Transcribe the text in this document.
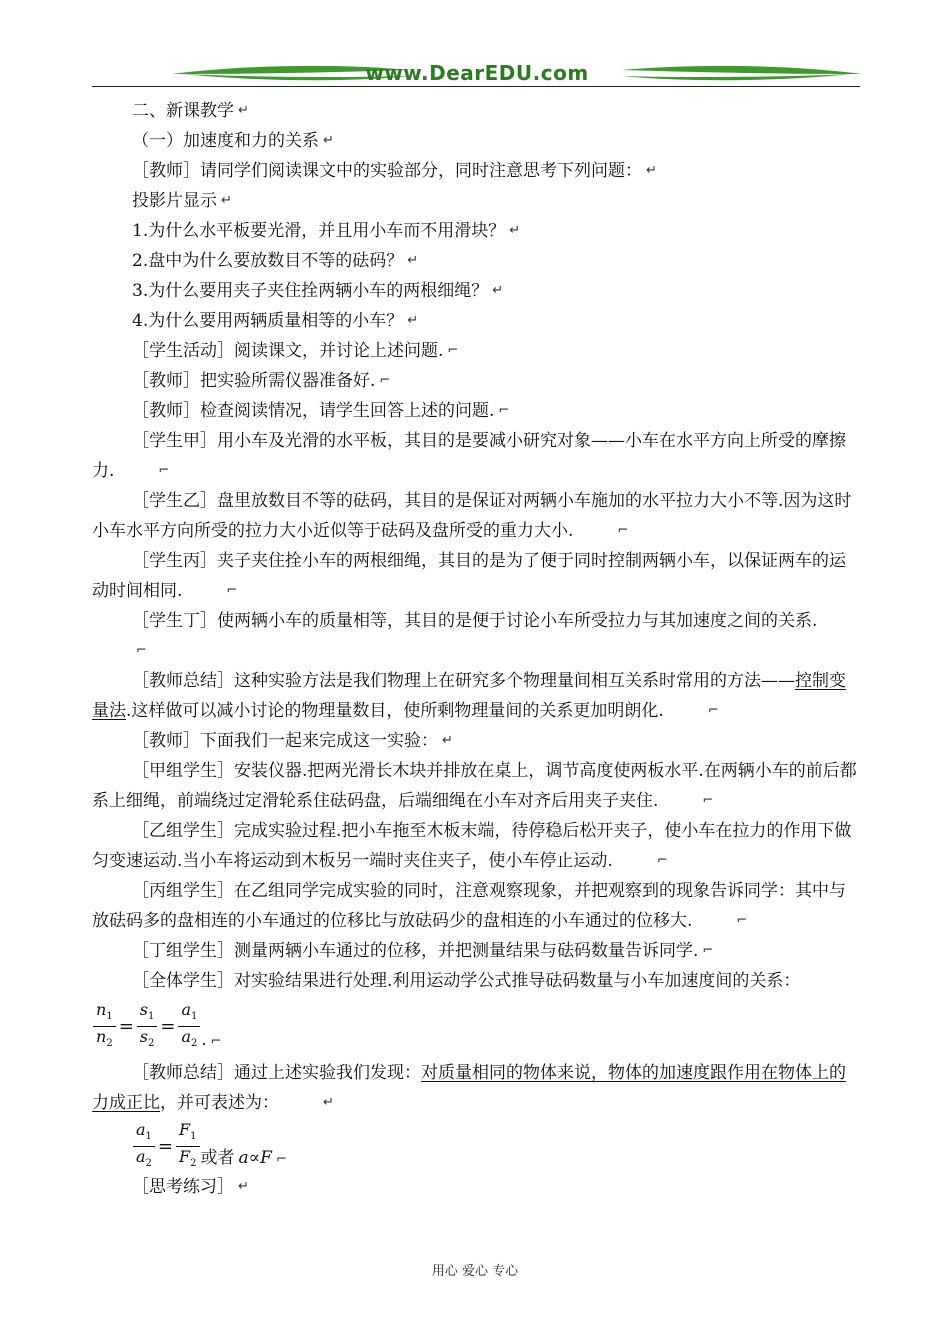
www.DearEDU.com

二、新课教学 ↵

（一）加速度和力的关系 ↵

［教师］请同学们阅读课文中的实验部分，同时注意思考下列问题： ↵

投影片显示 ↵

1.为什么水平板要光滑，并且用小车而不用滑块？ ↵

2.盘中为什么要放数目不等的砝码？ ↵

3.为什么要用夹子夹住拴两辆小车的两根细绳？ ↵

4.为什么要用两辆质量相等的小车？ ↵

［学生活动］阅读课文，并讨论上述问题. ⌐

［教师］把实验所需仪器准备好. ⌐

［教师］检查阅读情况，请学生回答上述的问题. ⌐

［学生甲］用小车及光滑的水平板，其目的是要减小研究对象——小车在水平方向上所受的摩擦力.	⌐

［学生乙］盘里放数目不等的砝码，其目的是保证对两辆小车施加的水平拉力大小不等.因为这时小车水平方向所受的拉力大小近似等于砝码及盘所受的重力大小.	⌐

［学生丙］夹子夹住拴小车的两根细绳，其目的是为了便于同时控制两辆小车，以保证两车的运动时间相同.	⌐

［学生丁］使两辆小车的质量相等，其目的是便于讨论小车所受拉力与其加速度之间的关系.⌐

［教师总结］这种实验方法是我们物理上在研究多个物理量间相互关系时常用的方法——控制变量法.这样做可以减小讨论的物理量数目，使所剩物理量间的关系更加明朗化.	⌐

［教师］下面我们一起来完成这一实验： ↵

［甲组学生］安装仪器.把两光滑长木块并排放在桌上，调节高度使两板水平.在两辆小车的前后都系上细绳，前端绕过定滑轮系住砝码盘，后端细绳在小车对齐后用夹子夹住.	⌐

［乙组学生］完成实验过程.把小车拖至木板末端，待停稳后松开夹子，使小车在拉力的作用下做匀变速运动.当小车将运动到木板另一端时夹住夹子，使小车停止运动.	⌐

［丙组学生］在乙组同学完成实验的同时，注意观察现象，并把观察到的现象告诉同学：其中与放砝码多的盘相连的小车通过的位移比与放砝码少的盘相连的小车通过的位移大.	⌐

［丁组学生］测量两辆小车通过的位移，并把测量结果与砝码数量告诉同学. ⌐

［全体学生］对实验结果进行处理.利用运动学公式推导砝码数量与小车加速度间的关系：

$\frac{n_1}{n_2} = \frac{s_1}{s_2} = \frac{a_1}{a_2}$ . ⌐

［教师总结］通过上述实验我们发现：对质量相同的物体来说，物体的加速度跟作用在物体上的力成正比，并可表述为：	↵

$\frac{a_1}{a_2} = \frac{F_1}{F_2}$ 或者 a∝F ⌐

［思考练习］ ↵

用心 爱心 专心
